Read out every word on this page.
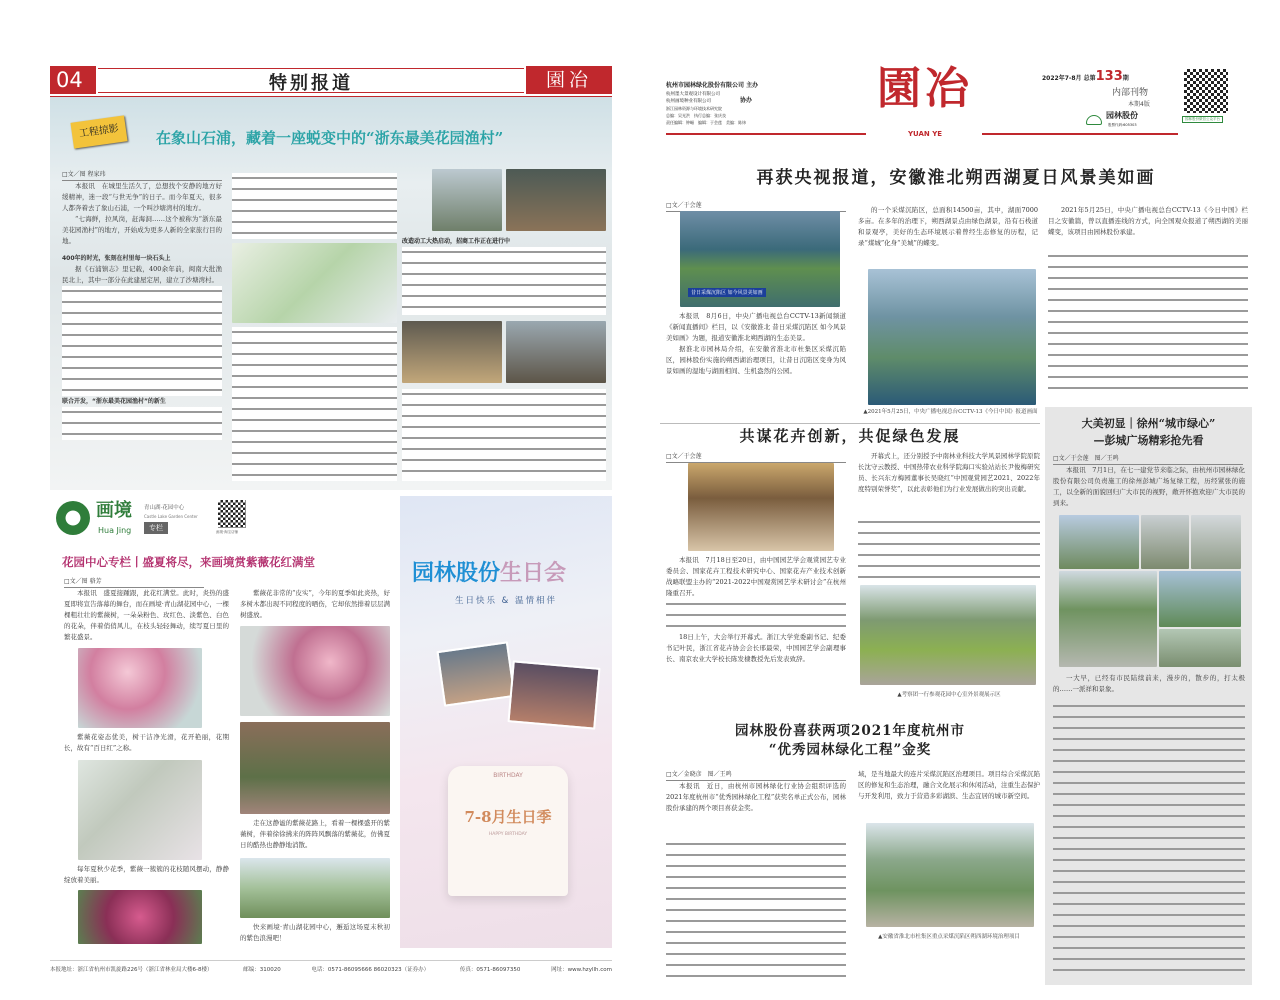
04	特别报道	園冶
工程掠影	在象山石浦，藏着一座蜕变中的“浙东最美花园渔村”
□文／图 程家玮

本报讯　在城里生活久了，总想找个安静的地方好缓精神，迷一段“与世无争”的日子。而今年夏天，很多人都奔着去了象山石浦，一个叫沙塘湾村的地方。

“七海鲜，拉风岗，赶海洞……这个被称为“浙东最美花园渔村”的地方，开始成为更多人新的全家旅行目的地。

400年的时光，张刻在村里每一块石头上

据《石浦镇志》里记载，400余年前，闽南大批渔民北上，其中一部分在此建屋定居，建立了沙塘湾村。

联合开发，“浙东最美花园渔村”的新生

改造动工大热启动，招商工作正在进行中
画境
Hua Jing
青山湖·花园中心
Castle Lake Garden Center
专栏	画境·淘宝店铺
花园中心专栏丨盛夏将尽，来画境赏紫薇花红满堂
□文／图 骆芳
本报讯　盛夏接踵跟，此花红满堂。此时，炎热的盛夏即将宣告落幕的舞台，而在画境·青山湖花园中心，一棵棵粗壮壮的紫薇树，一朵朵粉色、玫红色、淡紫色、白色的花朵，伴着俏俏风儿，在枝头轻轻舞动，续写夏日里的繁花盛景。
紫薇花姿态优美，树干洁净光滑，花开艳丽，花期长，故有“百日红”之称。
每年夏秋少花季，紫薇一簇簇的花枝随风摆动，静静绽放着美丽。
紫薇花非常的“皮实”，今年的夏季如此炎热，好多树木都出现不同程度的晒伤，它却依然排着层层满树盛放。
走在这静谧的紫薇花路上，看着一棵棵盛开的紫薇树，伴着徐徐拂来的阵阵风飘落的紫薇花，仿佛夏日的酷热也静静地消散。
快来画境·青山湖花园中心，邂逅这场夏末秋初的紫色浪漫吧！
园林股份生日会
生日快乐 & 温情相伴
BIRTHDAY
7-8月生日季
HAPPY BIRTHDAY
本报地址：浙江省杭州市凯旋路226号（浙江省林业局大楼6-8楼）	邮编：310020	电话：0571-86095666 86020323（证券办）	传真：0571-86097350	网址：www.hzyllh.com
杭州市园林绿化股份有限公司 主办
杭州墨大景观设计有限公司
杭州画境种业有限公司
浙江园林资源与环境技术研究院
协办
总编：吴光洪　执行总编：张庆良
责任编辑：钟嵋　编辑：于会莲　美编：陈炜
園冶
YUAN YE
2022年7-8月 总第133期
内部刊物
本期4版
园林股份
股票代码:605303
园林股份微信公众平台
再获央视报道，安徽淮北朔西湖夏日风景美如画
□文／于会莲
昔日采煤沉陷区 如今风景美如画

本报讯　8月6日，中央广播电视总台CCTV-13新闻频道《新闻直播间》栏目，以《安徽淮北 昔日采煤沉陷区 如今风景美如画》为题，报道安徽淮北朔西湖的生态美景。

据淮北市园林局介绍，在安徽省淮北市杜集区采煤沉陷区，园林股份实施的朔西湖治理项目，让昔日沉陷区变身为风景如画的湿地与湖面相间、生机盎然的公园。

的一个采煤沉陷区，总面积14500亩，其中，湖面7000多亩。在多年的治理下，朔西湖景点由绿色湖景，沿有石栈道和景观亭，美好的生态环境展示着曾经生态修复的历程，记录“煤城”化身“美城”的蝶变。
▲2021年5月25日，中央广播电视总台CCTV-13《今日中国》报道画面
2021年5月25日，中央广播电视总台CCTV-13《今日中国》栏目之安徽篇，曾以直播连线的方式，向全国观众报道了朔西湖的美丽蝶变，该项目由园林股份承建。
共谋花卉创新，共促绿色发展
□文／于会莲

本报讯　7月18日至20日，由中国园艺学会观赏园艺专业委员会、国家花卉工程技术研究中心、国家花卉产业技术创新战略联盟主办的“2021-2022中国观赏园艺学术研讨会”在杭州隆重召开。

18日上午，大会举行开幕式。浙江大学党委副书记、纪委书记叶民，浙江省花卉协会会长邢最荣，中国园艺学会副理事长、南京农业大学校长陈发棣教授先后发表致辞。

开幕式上，还分别授予中南林业科技大学风景园林学院原院长沈守云教授、中国热带农业科学院海口实验站站长尹俊梅研究员、长兴东方梅园董事长吴晓红“中国观赏园艺2021、2022年度特别荣誉奖”，以此表彰他们为行业发展做出的突出贡献。
▲考察团一行参观花园中心室外景观展示区
园林股份喜获两项2021年度杭州市
“优秀园林绿化工程”金奖
□文／金晓彦　图／王鸣
本报讯　近日，由杭州市园林绿化行业协会组织评选的2021年度杭州市“优秀园林绿化工程”获奖名单正式公布，园林股份承建的两个项目喜获金奖。
域，是当地最大的连片采煤沉陷区治理项目。项目综合采煤沉陷区的修复和生态治理，融合文化展示和休闲活动，注重生态保护与开发利用，致力于营造多彩湖滨、生态宜居的城市新空间。
▲安徽省淮北市杜集区重点采煤沉陷区朔西湖环境治理项目
大美初显｜徐州“城市绿心”
—彭城广场精彩抢先看
□文／于会莲　图／王鸣
本报讯　7月1日，在七一建党节来临之际，由杭州市园林绿化股份有限公司负责施工的徐州彭城广场复绿工程，历经紧张的施工，以全新的面貌回归广大市民的视野，敞开怀抱欢迎广大市民的到来。
一大早，已经有市民陆续前来，漫步的，散步的，打太极的……一派祥和景象。
